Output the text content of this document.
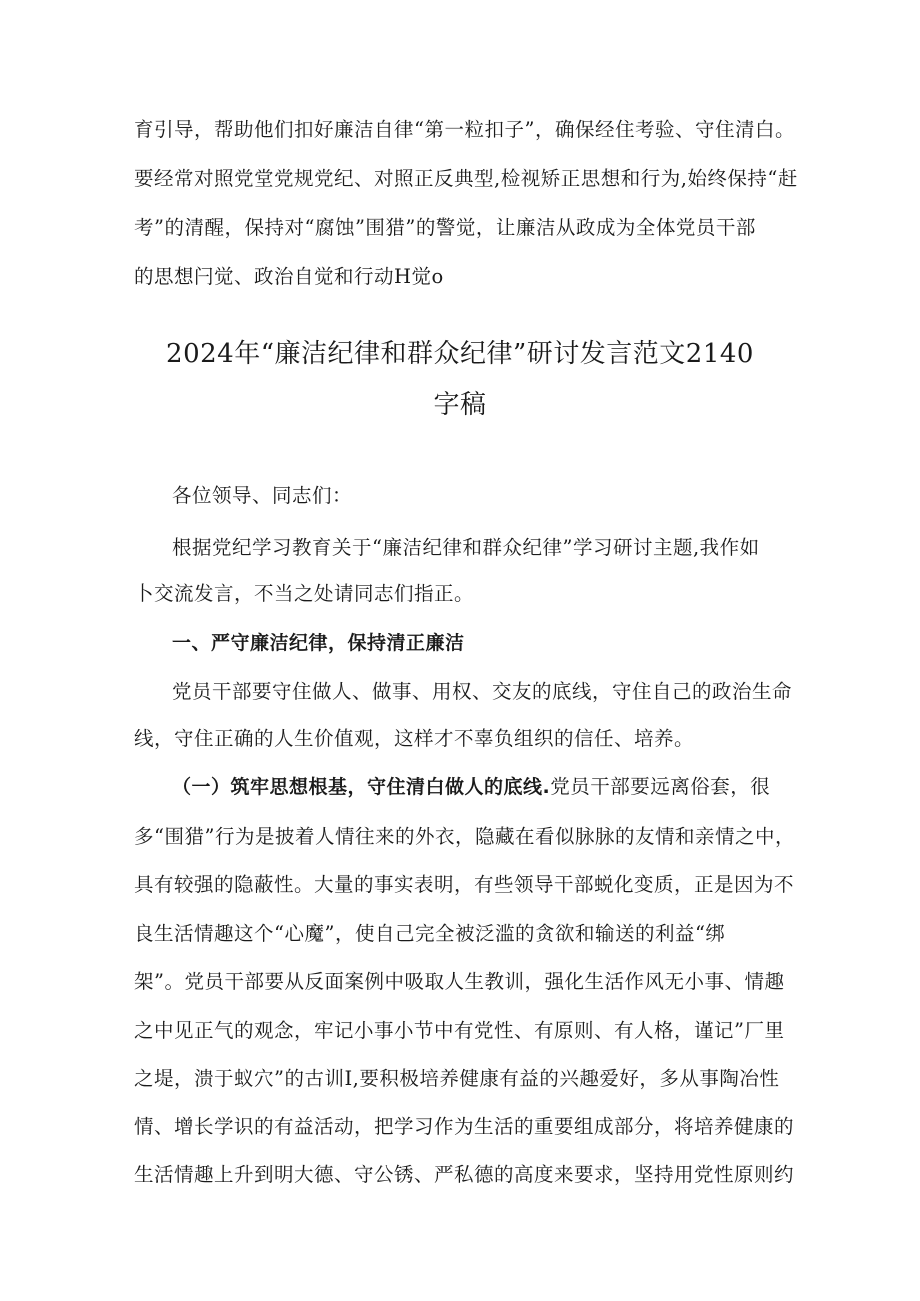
育引导，帮助他们扣好廉洁自律“第一粒扣子”，确保经住考验、守住清白。
要经常对照党堂党规党纪、对照正反典型,检视矫正思想和行为,始终保持“赶
考”的清醒，保持对“腐蚀”围猎”的警觉，让廉洁从政成为全体党员干部
的思想闩觉、政治自觉和行动H觉o
2024年“廉洁纪律和群众纪律”研讨发言范文2140
字稿
各位领导、同志们：
根据党纪学习教育关于“廉洁纪律和群众纪律”学习研讨主题,我作如
卜交流发言，不当之处请同志们指正。
一、严守廉洁纪律，保持清正廉洁
党员干部要守住做人、做事、用权、交友的底线，守住自己的政治生命
线，守住正确的人生价值观，这样才不辜负组织的信任、培养。
（一）筑牢思想根基，守住清白做人的底线.党员干部要远离俗套，很
多“围猎”行为是披着人情往来的外衣，隐藏在看似脉脉的友情和亲情之中，
具有较强的隐蔽性。大量的事实表明，有些领导干部蜕化变质，正是因为不
良生活情趣这个“心魔”，使自己完全被泛滥的贪欲和输送的利益“绑
架”。党员干部要从反面案例中吸取人生教训，强化生活作风无小事、情趣
之中见正气的观念，牢记小事小节中有党性、有原则、有人格，谨记”厂里
之堤，溃于蚁穴”的古训I,要积极培养健康有益的兴趣爱好，多从事陶冶性
情、增长学识的有益活动，把学习作为生活的重要组成部分，将培养健康的
生活情趣上升到明大德、守公锈、严私德的高度来要求，坚持用党性原则约
